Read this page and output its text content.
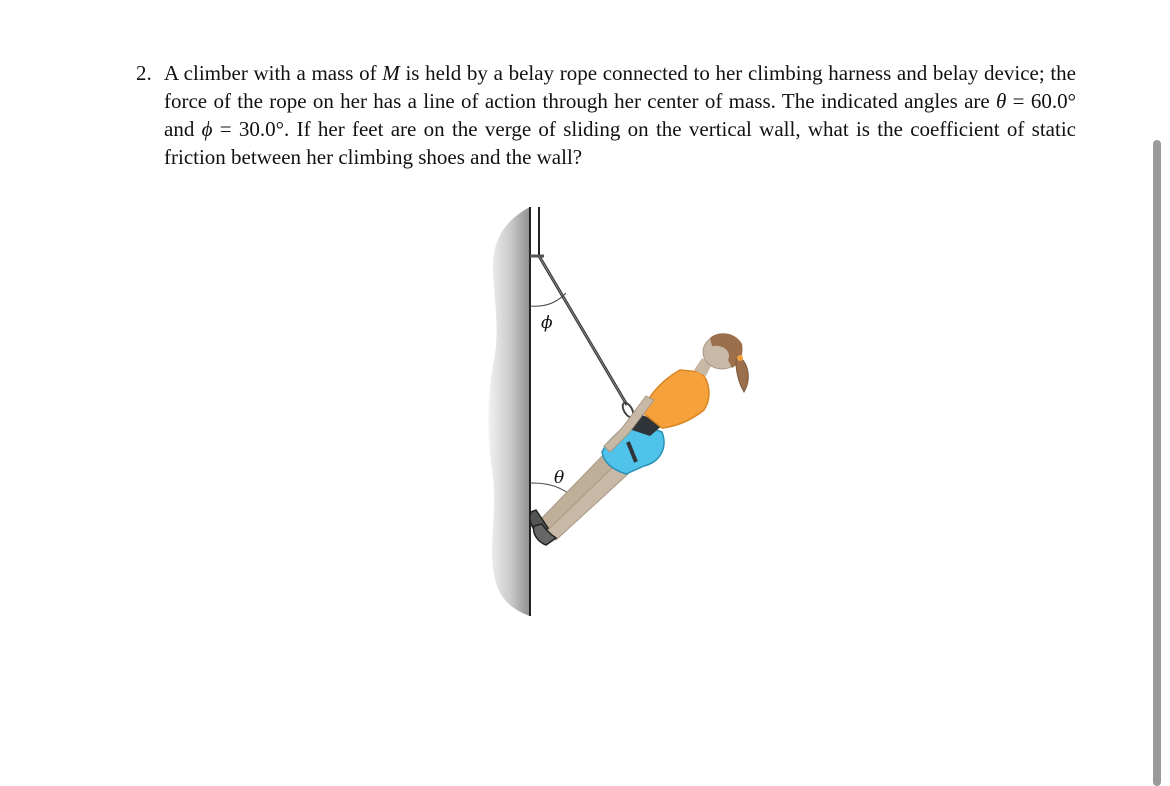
2. A climber with a mass of M is held by a belay rope connected to her climbing harness and belay device; the force of the rope on her has a line of action through her center of mass. The indicated angles are θ = 60.0° and ϕ = 30.0°. If her feet are on the verge of sliding on the vertical wall, what is the coefficient of static friction between her climbing shoes and the wall?
ϕ
θ
